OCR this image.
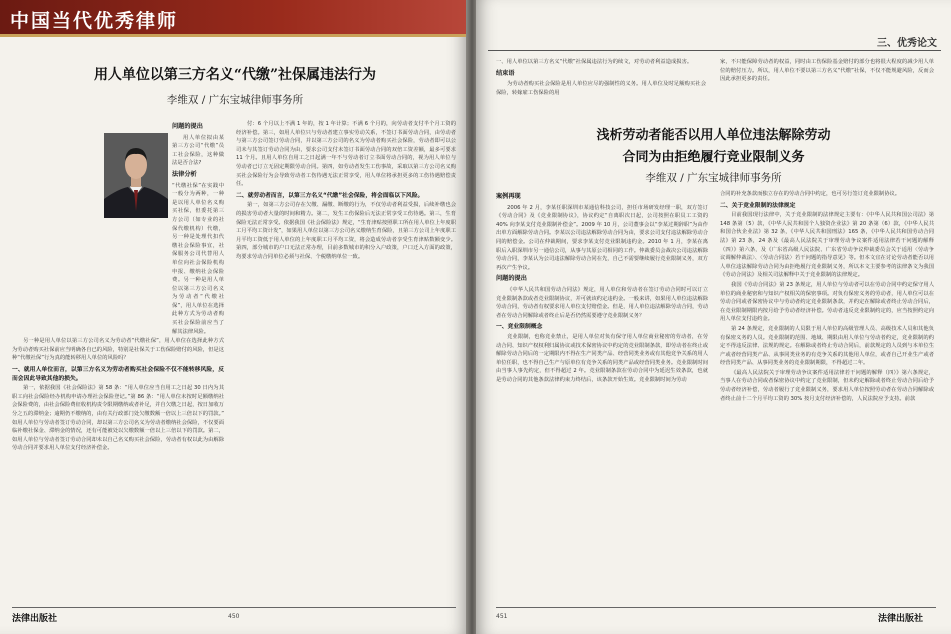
中国当代优秀律师
用人单位以第三方名义“代缴”社保属违法行为
李维双 / 广东宝城律师事务所
问题的提出

用人单位拟由某第三方公司“代缴”员工社会保险，这种做法是否合法?

法律分析

“代缴社保”在实践中一般分为两种，一种是以用人单位名义购买社保，但委托第三方公司（如专业的社保代缴机构）代缴，另一种是处理代扣代缴社会保险事宜，社保服务公司代替用人单位向社会保险机构申报、缴纳社会保险费。另一种是用人单位以第三方公司名义为劳动者“代缴社保”，用人单位在选择此种方式为劳动者购买社会保险前应当了解其法律风险。

另一种是用人单位以第三方公司名义为劳动者“代缴社保”，用人单位在选择此种方式为劳动者购买社保前应当明确各自已的风险，特别是社保关于工伤保险赔付的风险，但是这种“代缴社保”行为真的能转移用人单位的风险吗？

一、就用人单位而言，以第三方名义为劳动者购买社会保险不仅不能转移风险，反而会因此导致其他的损失。

第一，依据我国《社会保险法》第 58 条：“用人单位应当自用工之日起 30 日内为其职工向社会保险经办机构申请办理社会保险登记。”第 86 条：“用人单位未按时足额缴纳社会保险费的，由社会保险费征收机构责令限期缴纳或者补足，并自欠缴之日起，按日加收万分之五的滞纳金；逾期仍不缴纳的，由有关行政部门处欠缴数额一倍以上三倍以下的罚款。” 如用人单位与劳动者签订劳动合同，却以第三方公司名义为劳动者缴纳社会保险，不仅要面临补缴社保金、滞纳金的情况，还有可能被处以欠缴数额一倍以上三倍以下的罚款。第二，如用人单位与劳动者签订劳动合同却未以自己名义购买社会保险，劳动者有权以此为由解除劳动合同并要求用人单位支付经济补偿金。

付：6 个月以上不满 1 年的，按 1 年计算；不满 6 个月的，向劳动者支付半个月工资的经济补偿。第三，如用人单位只与劳动者建立事实劳动关系，不签订书面劳动合同，由劳动者与第三方公司签订劳动合同，并以第三方公司的名义为劳动者购买社会保险，劳动者即可以公司未与其签订劳动合同为由，要求公司支付未签订书面劳动合同的双倍工资差额，最多可要求 11 个月。且用人单位自用工之日起满一年不与劳动者订立书面劳动合同的，视为用人单位与劳动者已订立无固定期限劳动合同。第四，如劳动者发生工伤事故，采取以第三方公司名义购买社会保险行为会导致劳动者工伤待遇无法正常享受，用人单位将承担更多的工伤待遇赔偿责任。

二、就劳动者而言，以第三方名义“代缴”社会保险，将会面临以下风险。

第一，如第三方公司存在欠缴、漏缴、断缴的行为，不仅劳动者利益受损，后续补缴也会的损害劳动者大量的时间和精力。第二，发生工伤保险后无法正常享受工伤待遇。第三，生育保险无法正常享受。依据我国《社会保险法》规定，“生育津贴按照职工所在用人单位上年度职工月平均工资计发”，如果用人单位以第三方公司名义缴纳生育保险，且第三方公司上年度职工月平均工资低于用人单位的上年度职工月平均工资，将会造成劳动者享受生育津贴数额变少。第四，部分城市的户口无法正常办理，目前多数城市的积分入户政策，户口迁入方面的政策，均要求劳动合同单位必须与社保、个税缴纳单位一致。

法律出版社	450
三、优秀论文

一、用人单位以第三方名义“代缴”社保属违法行为的续文，对劳动者利益造成损害。

结束语

为劳动者购买社会保险是用人单位应尽的强制性的义务。用人单位及时足额购买社会保险，转嫁雇工伤保险的用

家，不只能保障劳动者的权益，同时由工伤保险基金赔付的部分也将很大程度的减少用人单位的赔付压力。所以，用人单位不要以第三方名义“代缴”社保，不仅不能规避风险，反而会因此承担更多的责任。

浅析劳动者能否以用人单位违法解除劳动
合同为由拒绝履行竞业限制义务
李维双 / 广东宝城律师事务所
案例再现

2006 年 2 月，李某任职深圳市某通信科技公司，担任市场研发经理一职，双方签订《劳动合同》及《竞业限制协议》，协议约定“自离职次日起，公司按照在职员工工资的 40% 向李某支付竞业限制补偿金”。2009 年 10 月，公司董事会以“李某过期辞职”为由作出单方面解除劳动合同。李某以公司违法解除劳动合同为由，要求公司支付违法解除劳动合同的赔偿金。公司在仲裁期间，要求李某支付竞业限制违约金。2010 年 1 月，李某在离职后入职深圳市另一通信公司，从事与其原公司相同的工作。仲裁委员会裁决公司违法解除劳动合同，李某认为公司违法解除劳动合同在先，自己不需要继续履行竞业限制义务，双方再次产生争议。

问题的提出

《中华人民共和国劳动合同法》规定，用人单位和劳动者在签订劳动合同时可以订立竞业限制条款或者竞业限制协议，并可就该约定违约金。一般来讲，如果用人单位违法解除劳动合同，劳动者有权要求用人单位支付赔偿金。但是，用人单位违法解除劳动合同，劳动者在劳动合同解除或者终止后是否仍然需要遵守竞业限制义务？

一、竞业限制概念

竞业限制，也称竞业禁止，是用人单位对负有保守用人单位商业秘密的劳动者，在劳动合同、知识产权权利归属协议或技术保密协议中约定的竞业限制条款，即劳动者在终止或解除劳动合同后的一定期限内不得在生产同类产品、经营同类业务或有其他竞争关系的用人单位任职，也不得自己生产与原单位有竞争关系的同类产品或经营同类业务。竞业限制时间由当事人事先约定，但不得超过 2 年。竞业限制条款在劳动合同中为延迟生效条款，也就是劳动合同的其他条款法律约束力终结后，该条款开始生效。竞业限制时间为劳动

合同的补充条款而独立存在的劳动合同中约定，也可另行签订竞业限制协议。

二、关于竞业限制的法律规定

目前我国现行法律中，关于竞业限制的法律规定主要有：《中华人民共和国公司法》第 148 条第（5）款，《中华人民共和国个人独资企业法》第 20 条第（6）款，《中华人民共和国合伙企业法》第 32 条，《中华人民共和国刑法》165 条，《中华人民共和国劳动合同法》第 23 条，24 条及《最高人民法院关于审理劳动争议案件适用法律若干问题的解释（四）》第六条，及《广东省高级人民法院、广东省劳动争议仲裁委员会关于适用〈劳动争议调解仲裁法〉、〈劳动合同法〉若干问题的指导意见》等。但本文宜在讨论劳动者能否以用人单位违法解除劳动合同为由拒绝履行竞业限制义务，所以本文主要参考的法律条文为我国《劳动合同法》及相关司法解释中关于竞业限制的法律规定。

我国《劳动合同法》第 23 条规定，用人单位与劳动者可以在劳动合同中约定保守用人单位的商业秘密和与知识产权相关的保密事项。对负有保密义务的劳动者，用人单位可以在劳动合同或者保密协议中与劳动者约定竞业限制条款，并约定在解除或者终止劳动合同后，在竞业限制期限内按月给予劳动者经济补偿。劳动者违反竞业限制约定的，应当按照约定向用人单位支付违约金。

第 24 条规定，竞业限制的人员限于用人单位的高级管理人员、高级技术人员和其他负有保密义务的人员。竞业限制的范围、地域、期限由用人单位与劳动者约定，竞业限制的约定不得违反法律、法规的规定。在解除或者终止劳动合同后，前款规定的人员到与本单位生产或者经营同类产品、从事同类业务的有竞争关系的其他用人单位，或者自己开业生产或者经营同类产品、从事同类业务的竞业限制期限，不得超过二年。

《最高人民法院关于审理劳动争议案件适用法律若干问题的解释（四）》第六条规定，当事人在劳动合同或者保密协议中约定了竞业限制，但未约定解除或者终止劳动合同后给予劳动者经济补偿，劳动者履行了竞业限制义务，要求用人单位按照劳动者在劳动合同解除或者终止前十二个月平均工资的 30% 按月支付经济补偿的，人民法院应予支持。前款

451	法律出版社
